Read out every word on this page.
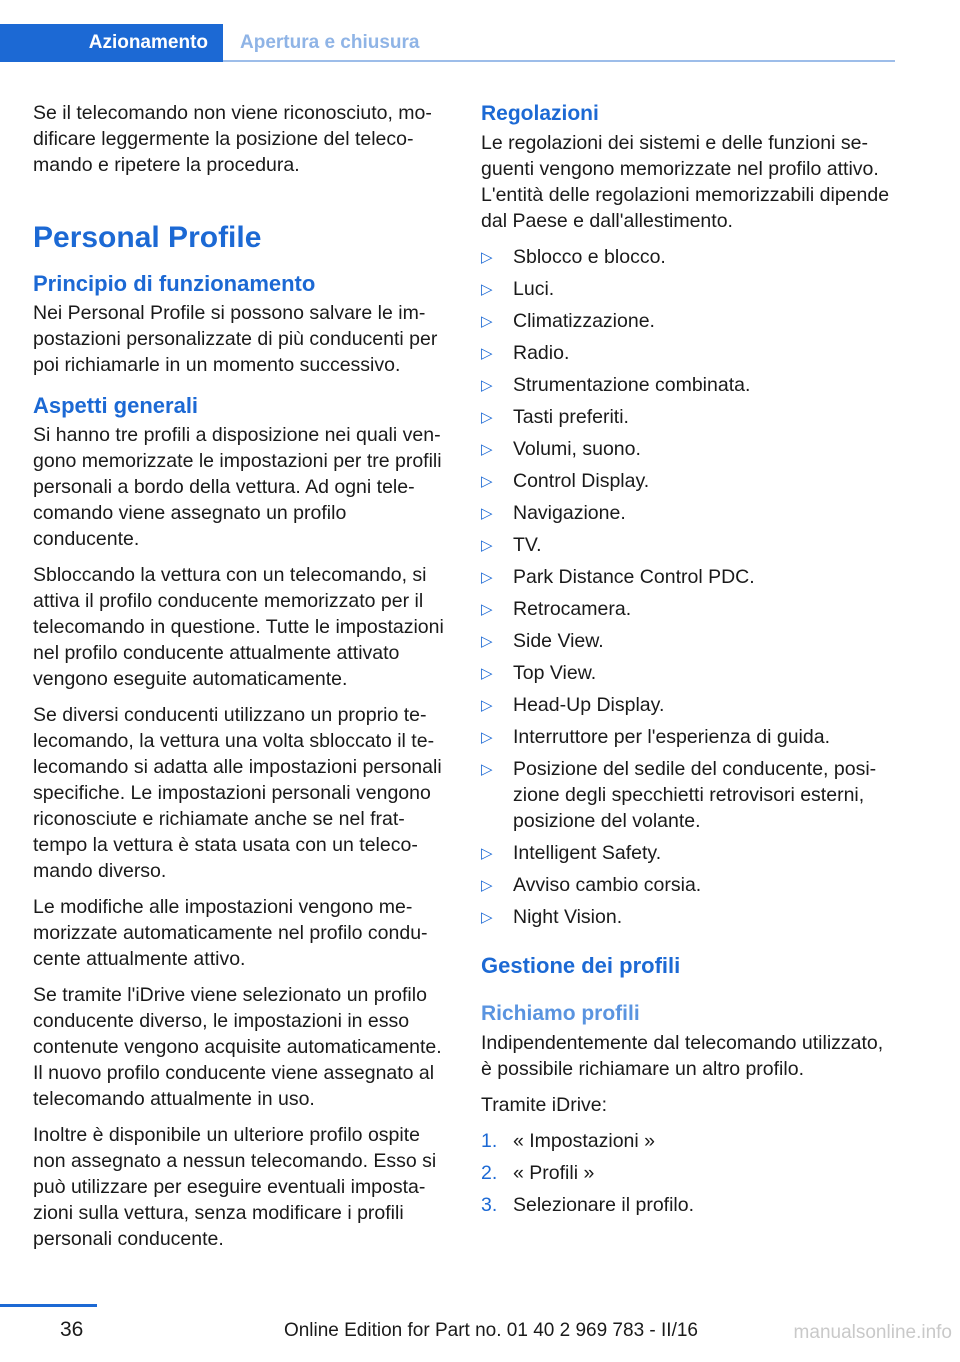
Azionamento	Apertura e chiusura

Se il telecomando non viene riconosciuto, modificare leggermente la posizione del telecomando e ripetere la procedura.

Personal Profile
Principio di funzionamento

Nei Personal Profile si possono salvare le impostazioni personalizzate di più conducenti per poi richiamarle in un momento successivo.

Aspetti generali

Si hanno tre profili a disposizione nei quali vengono memorizzate le impostazioni per tre profili personali a bordo della vettura. Ad ogni telecomando viene assegnato un profilo conducente.

Sbloccando la vettura con un telecomando, si attiva il profilo conducente memorizzato per il telecomando in questione. Tutte le impostazioni nel profilo conducente attualmente attivato vengono eseguite automaticamente.

Se diversi conducenti utilizzano un proprio telecomando, la vettura una volta sbloccato il telecomando si adatta alle impostazioni personali specifiche. Le impostazioni personali vengono riconosciute e richiamate anche se nel frattempo la vettura è stata usata con un telecomando diverso.

Le modifiche alle impostazioni vengono memorizzate automaticamente nel profilo conducente attualmente attivo.

Se tramite l'iDrive viene selezionato un profilo conducente diverso, le impostazioni in esso contenute vengono acquisite automaticamente. Il nuovo profilo conducente viene assegnato al telecomando attualmente in uso.

Inoltre è disponibile un ulteriore profilo ospite non assegnato a nessun telecomando. Esso si può utilizzare per eseguire eventuali impostazioni sulla vettura, senza modificare i profili personali conducente.

Regolazioni

Le regolazioni dei sistemi e delle funzioni seguenti vengono memorizzate nel profilo attivo. L'entità delle regolazioni memorizzabili dipende dal Paese e dall'allestimento.

▷ Sblocco e blocco.
▷ Luci.
▷ Climatizzazione.
▷ Radio.
▷ Strumentazione combinata.
▷ Tasti preferiti.
▷ Volumi, suono.
▷ Control Display.
▷ Navigazione.
▷ TV.
▷ Park Distance Control PDC.
▷ Retrocamera.
▷ Side View.
▷ Top View.
▷ Head-Up Display.
▷ Interruttore per l'esperienza di guida.
▷ Posizione del sedile del conducente, posizione degli specchietti retrovisori esterni, posizione del volante.
▷ Intelligent Safety.
▷ Avviso cambio corsia.
▷ Night Vision.
Gestione dei profili
Richiamo profili

Indipendentemente dal telecomando utilizzato, è possibile richiamare un altro profilo.

Tramite iDrive:

1. « Impostazioni »
2. « Profili »
3. Selezionare il profilo.
36	Online Edition for Part no. 01 40 2 969 783 - II/16	manualsonline.info
